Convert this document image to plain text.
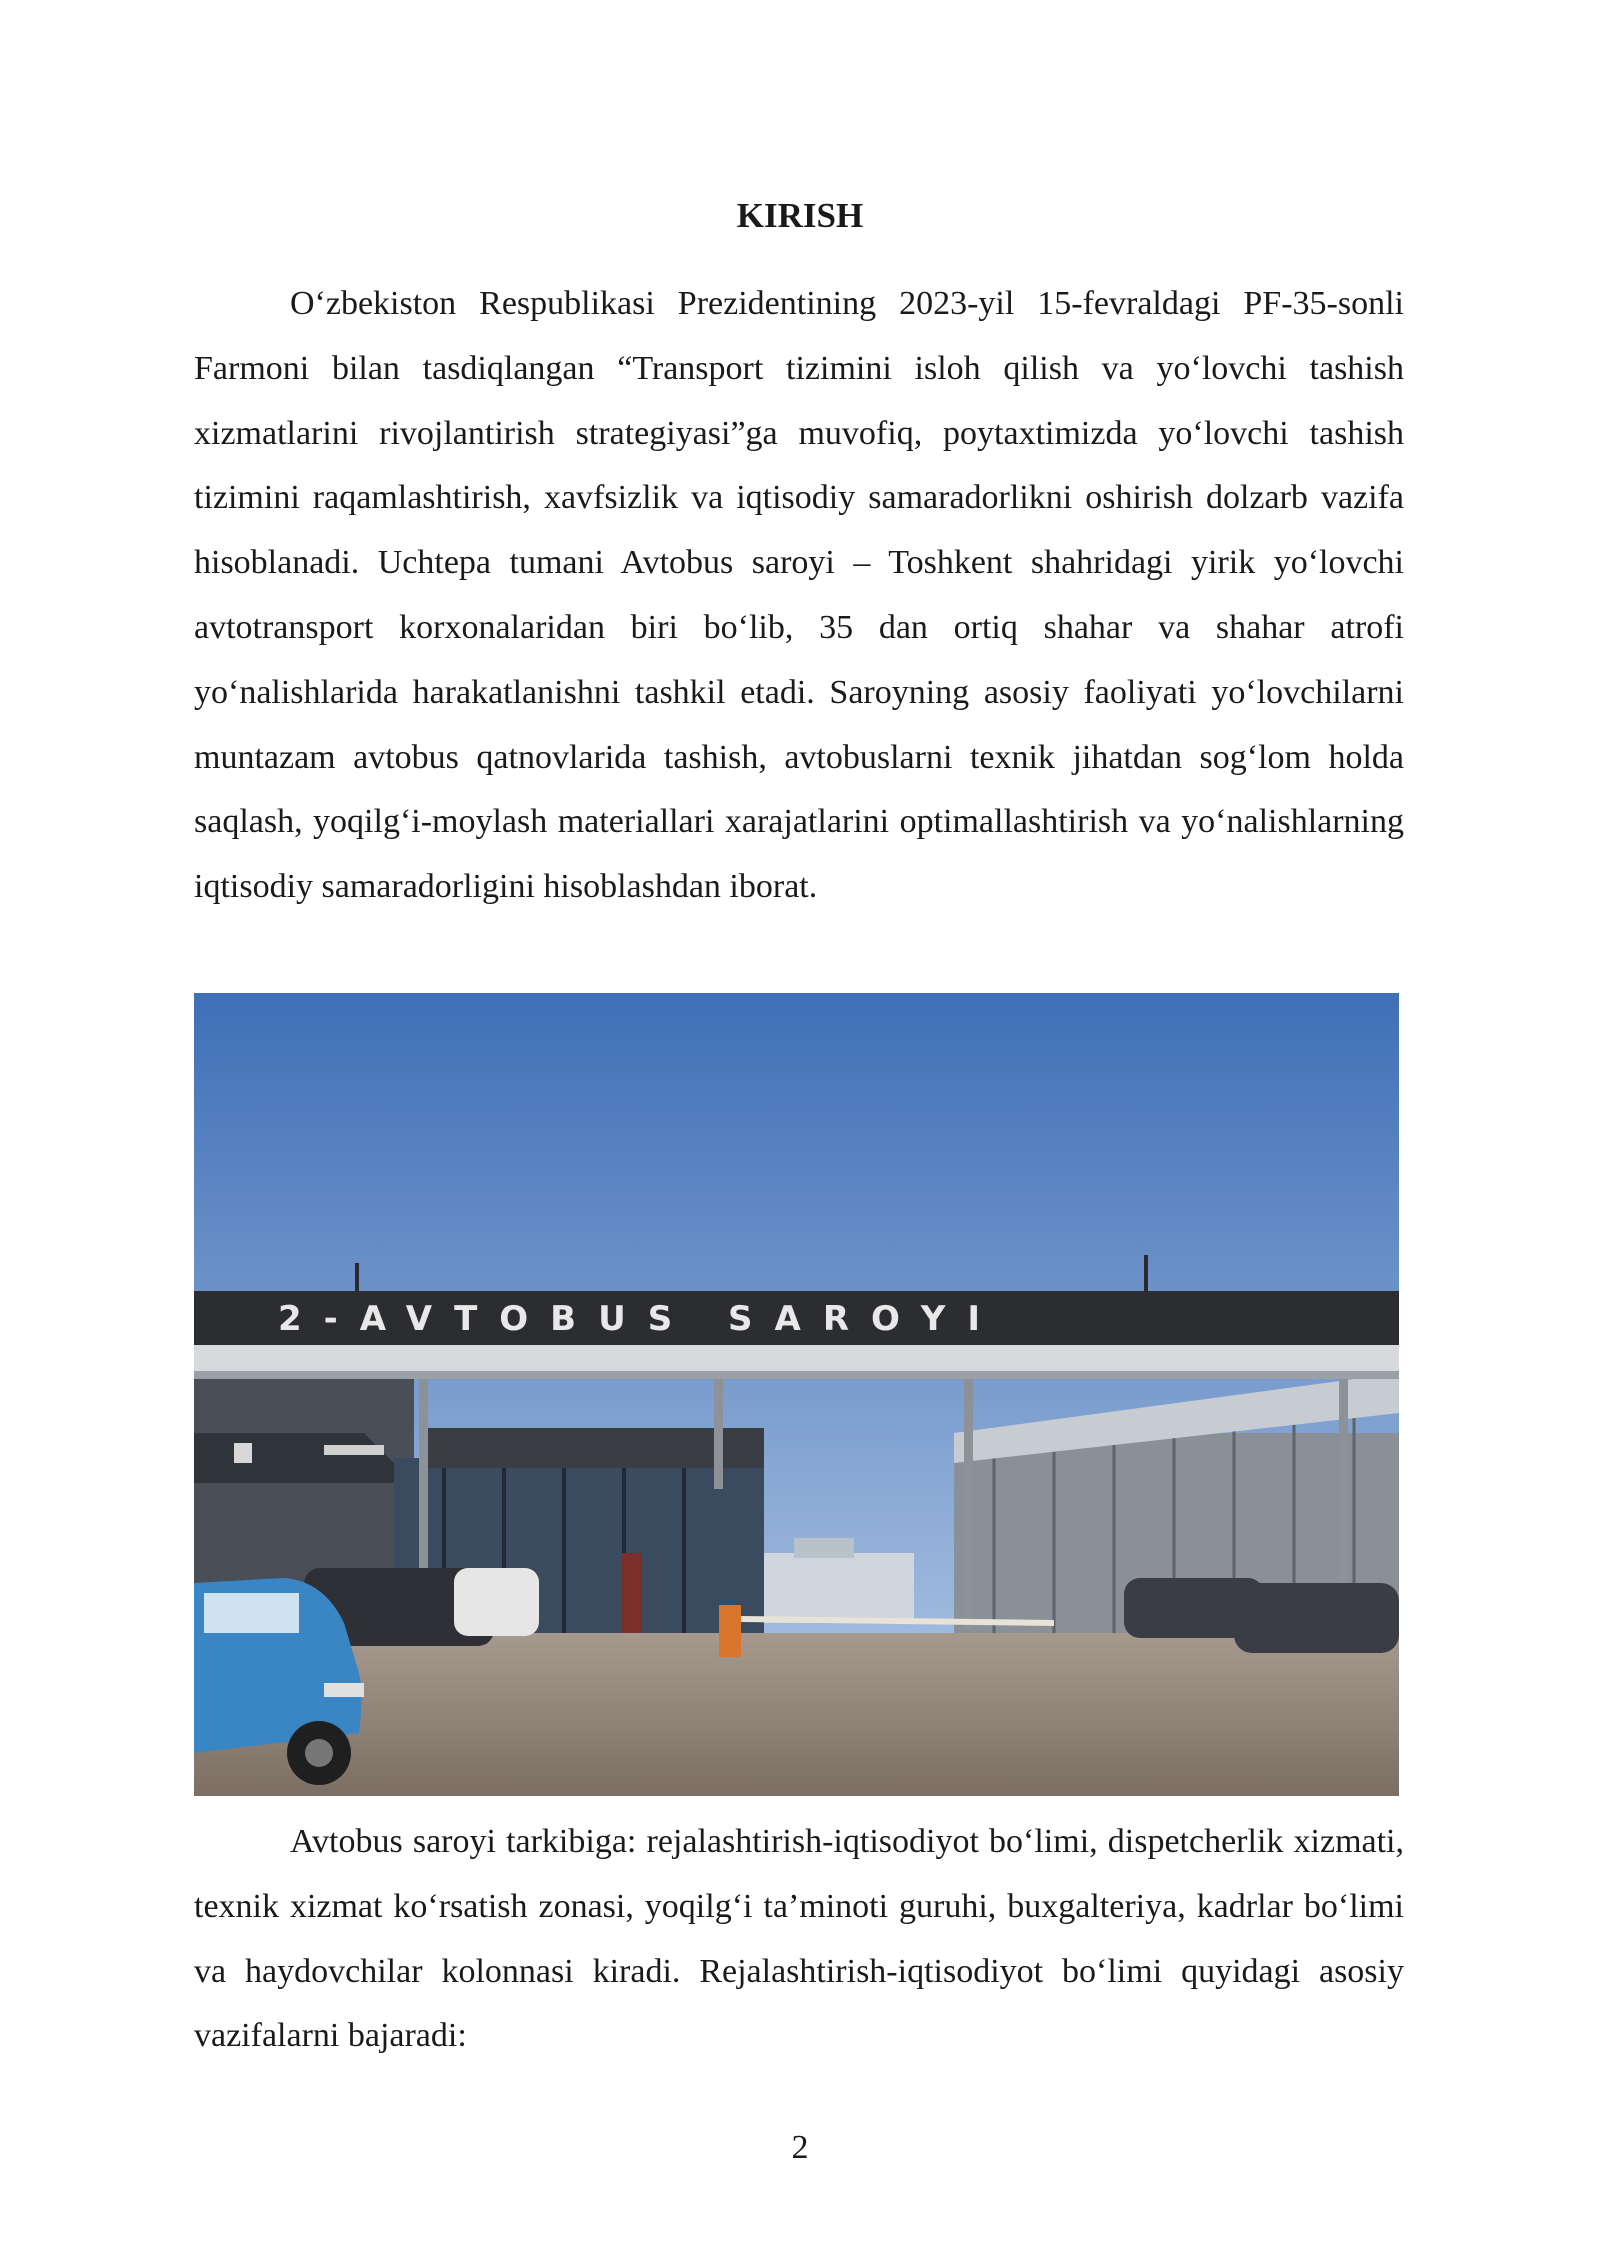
KIRISH

O‘zbekiston Respublikasi Prezidentining 2023-yil 15-fevraldagi PF-35-sonli Farmoni bilan tasdiqlangan “Transport tizimini isloh qilish va yo‘lovchi tashish xizmatlarini rivojlantirish strategiyasi”ga muvofiq, poytaxtimizda yo‘lovchi tashish tizimini raqamlashtirish, xavfsizlik va iqtisodiy samaradorlikni oshirish dolzarb vazifa hisoblanadi. Uchtepa tumani Avtobus saroyi – Toshkent shahridagi yirik yo‘lovchi avtotransport korxonalaridan biri bo‘lib, 35 dan ortiq shahar va shahar atrofi yo‘nalishlarida harakatlanishni tashkil etadi. Saroyning asosiy faoliyati yo‘lovchilarni muntazam avtobus qatnovlarida tashish, avtobuslarni texnik jihatdan sog‘lom holda saqlash, yoqilg‘i-moylash materiallari xarajatlarini optimallashtirish va yo‘nalishlarning iqtisodiy samaradorligini hisoblashdan iborat.

2-AVTOBUS SAROYI

Avtobus saroyi tarkibiga: rejalashtirish-iqtisodiyot bo‘limi, dispetcherlik xizmati, texnik xizmat ko‘rsatish zonasi, yoqilg‘i ta’minoti guruhi, buxgalteriya, kadrlar bo‘limi va haydovchilar kolonnasi kiradi. Rejalashtirish-iqtisodiyot bo‘limi quyidagi asosiy vazifalarni bajaradi:

2
